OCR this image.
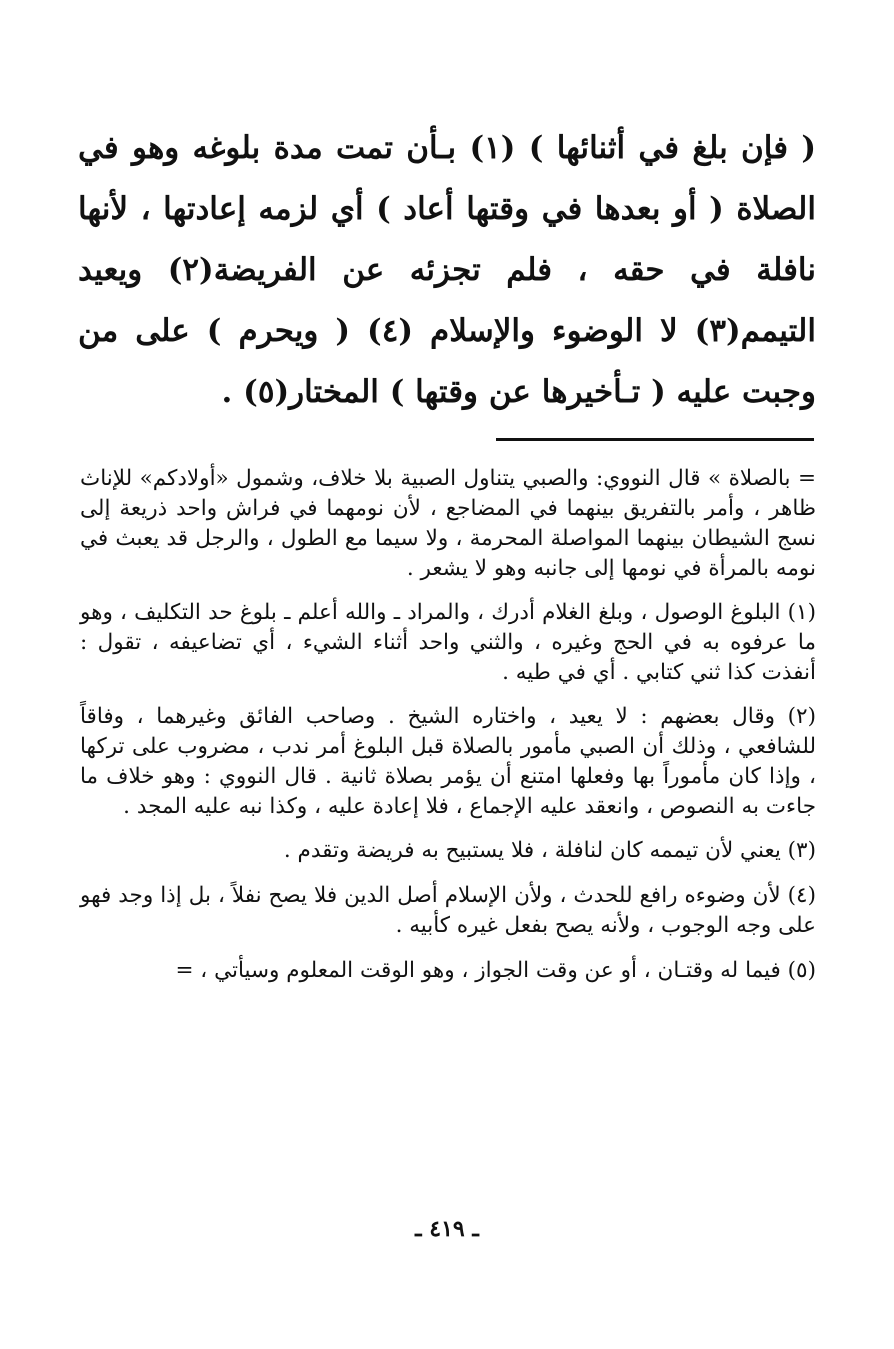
( فإن بلغ في أثنائها ) (١) بـأن تمت مدة بلوغه وهو في الصلاة ( أو بعدها في وقتها أعاد ) أي لزمه إعادتها ، لأنها نافلة في حقه ، فلم تجزئه عن الفريضة(٢) ويعيد التيمم(٣) لا الوضوء والإسلام (٤) ( ويحرم ) على من وجبت عليه ( تـأخيرها عن وقتها ) المختار(٥) .

= بالصلاة » قال النووي: والصبي يتناول الصبية بلا خلاف، وشمول «أولادكم» للإناث ظاهر ، وأمر بالتفريق بينهما في المضاجع ، لأن نومهما في فراش واحد ذريعة إلى نسج الشيطان بينهما المواصلة المحرمة ، ولا سيما مع الطول ، والرجل قد يعبث في نومه بالمرأة في نومها إلى جانبه وهو لا يشعر .

(١) البلوغ الوصول ، وبلغ الغلام أدرك ، والمراد ـ والله أعلم ـ بلوغ حد التكليف ، وهو ما عرفوه به في الحج وغيره ، والثني واحد أثناء الشيء ، أي تضاعيفه ، تقول : أنفذت كذا ثني كتابي . أي في طيه .

(٢) وقال بعضهم : لا يعيد ، واختاره الشيخ . وصاحب الفائق وغيرهما ، وفاقاً للشافعي ، وذلك أن الصبي مأمور بالصلاة قبل البلوغ أمر ندب ، مضروب على تركها ، وإذا كان مأموراً بها وفعلها امتنع أن يؤمر بصلاة ثانية . قال النووي : وهو خلاف ما جاءت به النصوص ، وانعقد عليه الإجماع ، فلا إعادة عليه ، وكذا نبه عليه المجد .

(٣) يعني لأن تيممه كان لنافلة ، فلا يستبيح به فريضة وتقدم .

(٤) لأن وضوءه رافع للحدث ، ولأن الإسلام أصل الدين فلا يصح نفلاً ، بل إذا وجد فهو على وجه الوجوب ، ولأنه يصح بفعل غيره كأبيه .

(٥) فيما له وقتـان ، أو عن وقت الجواز ، وهو الوقت المعلوم وسيأتي ، =

ـ ٤١٩ ـ
